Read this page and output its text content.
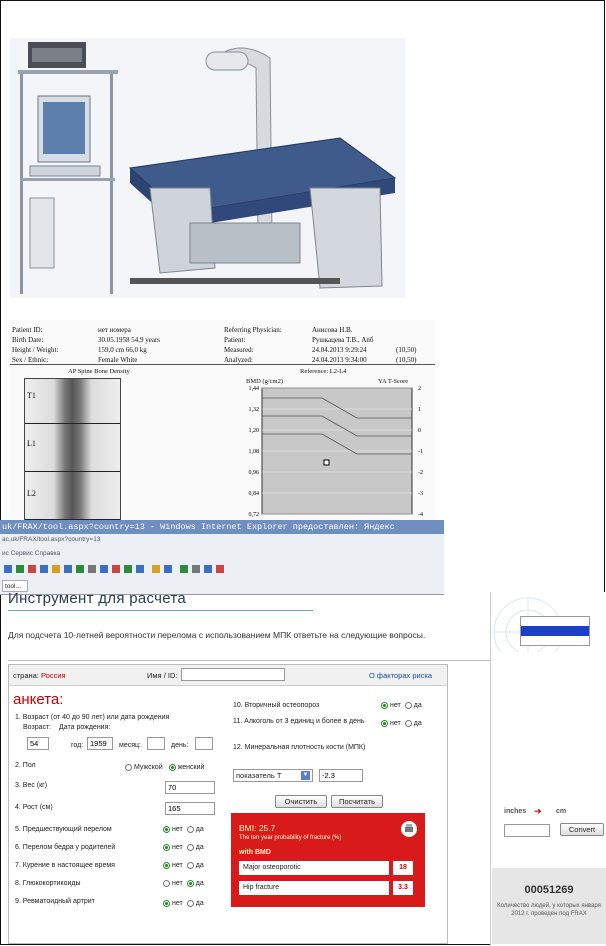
Patient ID:	нет номера
Birth Date:	30.05.1958 54,9 years
Height / Weight:	159,0 cm 66,0 kg
Sex / Ethnic:	Female White
Referring Physician:	Анисова Н.В.
Patient:	Рушкацева Т.В., Аnб
Measured:	24.04.2013 9:29:24	(10,50)
Analyzed:	24.04.2013 9:34:00	(10,50)
AP Spine Bone Density
T1
L1
L2
Reference: L2-L4
BMD (g/cm2)	YA T-Score
1,44	2
1,32	1
1,20	0
1,08	-1
0,96	-2
0,84	-3
0,72	-4
uk/FRAX/tool.aspx?country=13 - Windows Internet Explorer предоставлен: Яндекс
ac.uk/FRAX/tool.aspx?country=13
ис Сервис Справка
tool...
Инструмент для расчета
Для подсчета 10-летней вероятности перелома с использованием МПК ответьте на следующие вопросы.
страна: Россия	Имя / ID:	О факторах риска
анкета:
1. Возраст (от 40 до 90 лет) или дата рождения
Возраст: Дата рождения:
54
год:
1959	месяц:	день:
2. Пол	Мужской женский
3. Вес (кг)
70
4. Рост (см)
165
5. Предшествующий перелом	нет да
6. Перелом бедра у родителей	нет да
7. Курение в настоящее время	нет да
8. Глюкокортикоиды	нет да
9. Ревматоидный артрит	нет да
10. Вторичный остеопороз	нет да
11. Алкоголь от 3 единиц и более в день	нет да
12. Минеральная плотность кости (МПК)
показатель T	▼
-2.3
Очистить	Посчитать
BMI: 25.7
The ten year probability of fracture (%)
with BMD
Major osteoporotic	18
Hip fracture	3.3
inches ➜ cm
Convert
00051269
Количество людей, у которых января 2012 г. проведен под FRAX
